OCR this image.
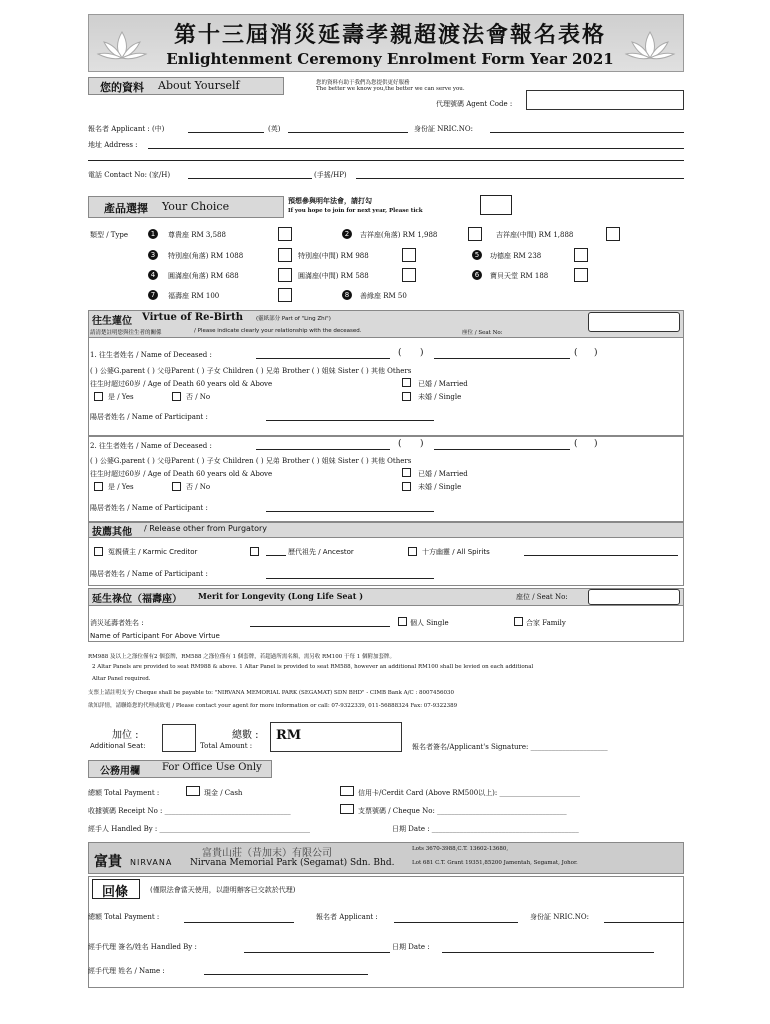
第十三屆消災延壽孝親超渡法會報名表格
Enlightenment Ceremony Enrolment Form Year 2021
您的資料 About Yourself	您的資料有助于我們為您提供更好服務
The better we know you,the better we can serve you.
代理號碼 Agent Code :
報名者 Applicant : (中)	(英)	身份証 NRIC.NO:
地址 Address :
電話 Contact No: (家/H)	(手搖/HP)
產品選擇 Your Choice	預想參與明年法會，請打勾
If you hope to join for next year, Please tick
類型 / Type	1	尊貴座 RM 3,588	2	吉祥座(角落) RM 1,988	吉祥座(中間) RM 1,888
3	特別座(角落) RM 1088	特別座(中間) RM 988	5	功德座 RM 238
4	圓滿座(角落) RM 688	圓滿座(中間) RM 588	6	寶貝天堂 RM 188
7	福壽座 RM 100	8	善緣座 RM 50
往生蓮位 Virtue of Re-Birth (靈紙部分 Part of "Ling Zhi")
請清楚註明您與往生者的關係	/ Please indicate clearly your relationship with the deceased.	座位 / Seat No:
1. 往生者姓名 / Name of Deceased :	( )	( )
( ) 公婆G.parent ( ) 父母Parent ( ) 子女 Children ( ) 兄弟 Brother ( ) 姐妹 Sister ( ) 其他 Others
往生时超过60岁 / Age of Death 60 years old & Above	已婚 / Married
是 / Yes	否 / No	未婚 / Single
陽居者姓名 / Name of Participant :
2. 往生者姓名 / Name of Deceased :	( )	( )
( ) 公婆G.parent ( ) 父母Parent ( ) 子女 Children ( ) 兄弟 Brother ( ) 姐妹 Sister ( ) 其他 Others
往生时超过60岁 / Age of Death 60 years old & Above	已婚 / Married
是 / Yes	否 / No	未婚 / Single
陽居者姓名 / Name of Participant :
拔薦其他 / Release other from Purgatory
冤親債主 / Karmic Creditor	歷代祖先 / Ancestor	十方幽靈 / All Spirits
陽居者姓名 / Name of Participant :
延生祿位（福壽座） Merit for Longevity (Long Life Seat )	座位 / Seat No:
消災延壽者姓名 :	個人 Single	合家 Family
Name of Participant For Above Virtue
RM988 及以上之涤位僅有2 個套牌，RM588 之涤位僅有 1 個套牌，若超過所需名額，需另收 RM100 于每 1 個附加套牌。
2 Altar Panels are provided to seat RM988 & above. 1 Altar Panel is provided to seat RM588, however an additional RM100 shall be levied on each additional
Altar Panel required.
支票上請註明支予/ Cheque shall be payable to: "NIRVANA MEMORIAL PARK (SEGAMAT) SDN BHD" - CIMB Bank A/C : 8007456030
欲知詳情，請聯絡您的代理或致電 / Please contact your agent for more information or call: 07-9322339, 011-56888324 Fax: 07-9322389
加位 :
Additional Seat:
總數 :
Total Amount :
RM
報名者簽名/Applicant's Signature: ______________________
公務用欄 For Office Use Only
總額 Total Payment :	現金 / Cash	信用卡/Cerdit Card (Above RM500以上): _______________________
收據號碼 Receipt No : ____________________________________	支票號碼 / Cheque No: _____________________________________
經手人 Handled By : ___________________________________________	日期 Date : __________________________________________
富貴 NIRVANA
富貴山莊（昔加末）有限公司
Nirvana Memorial Park (Segamat) Sdn. Bhd.
Lots 3670-3988,C.T. 13602-13680,
Lot 681 C.T. Grant 19351,85200 Jamentah, Segamat, Johor.
回條	(僅限法會當天使用，以證明辦客已交款於代理)
總額 Total Payment :	報名者 Applicant :	身份証 NRIC.NO:
經手代理 簽名/姓名 Handled By :	日期 Date :
經手代理 姓名 / Name :
